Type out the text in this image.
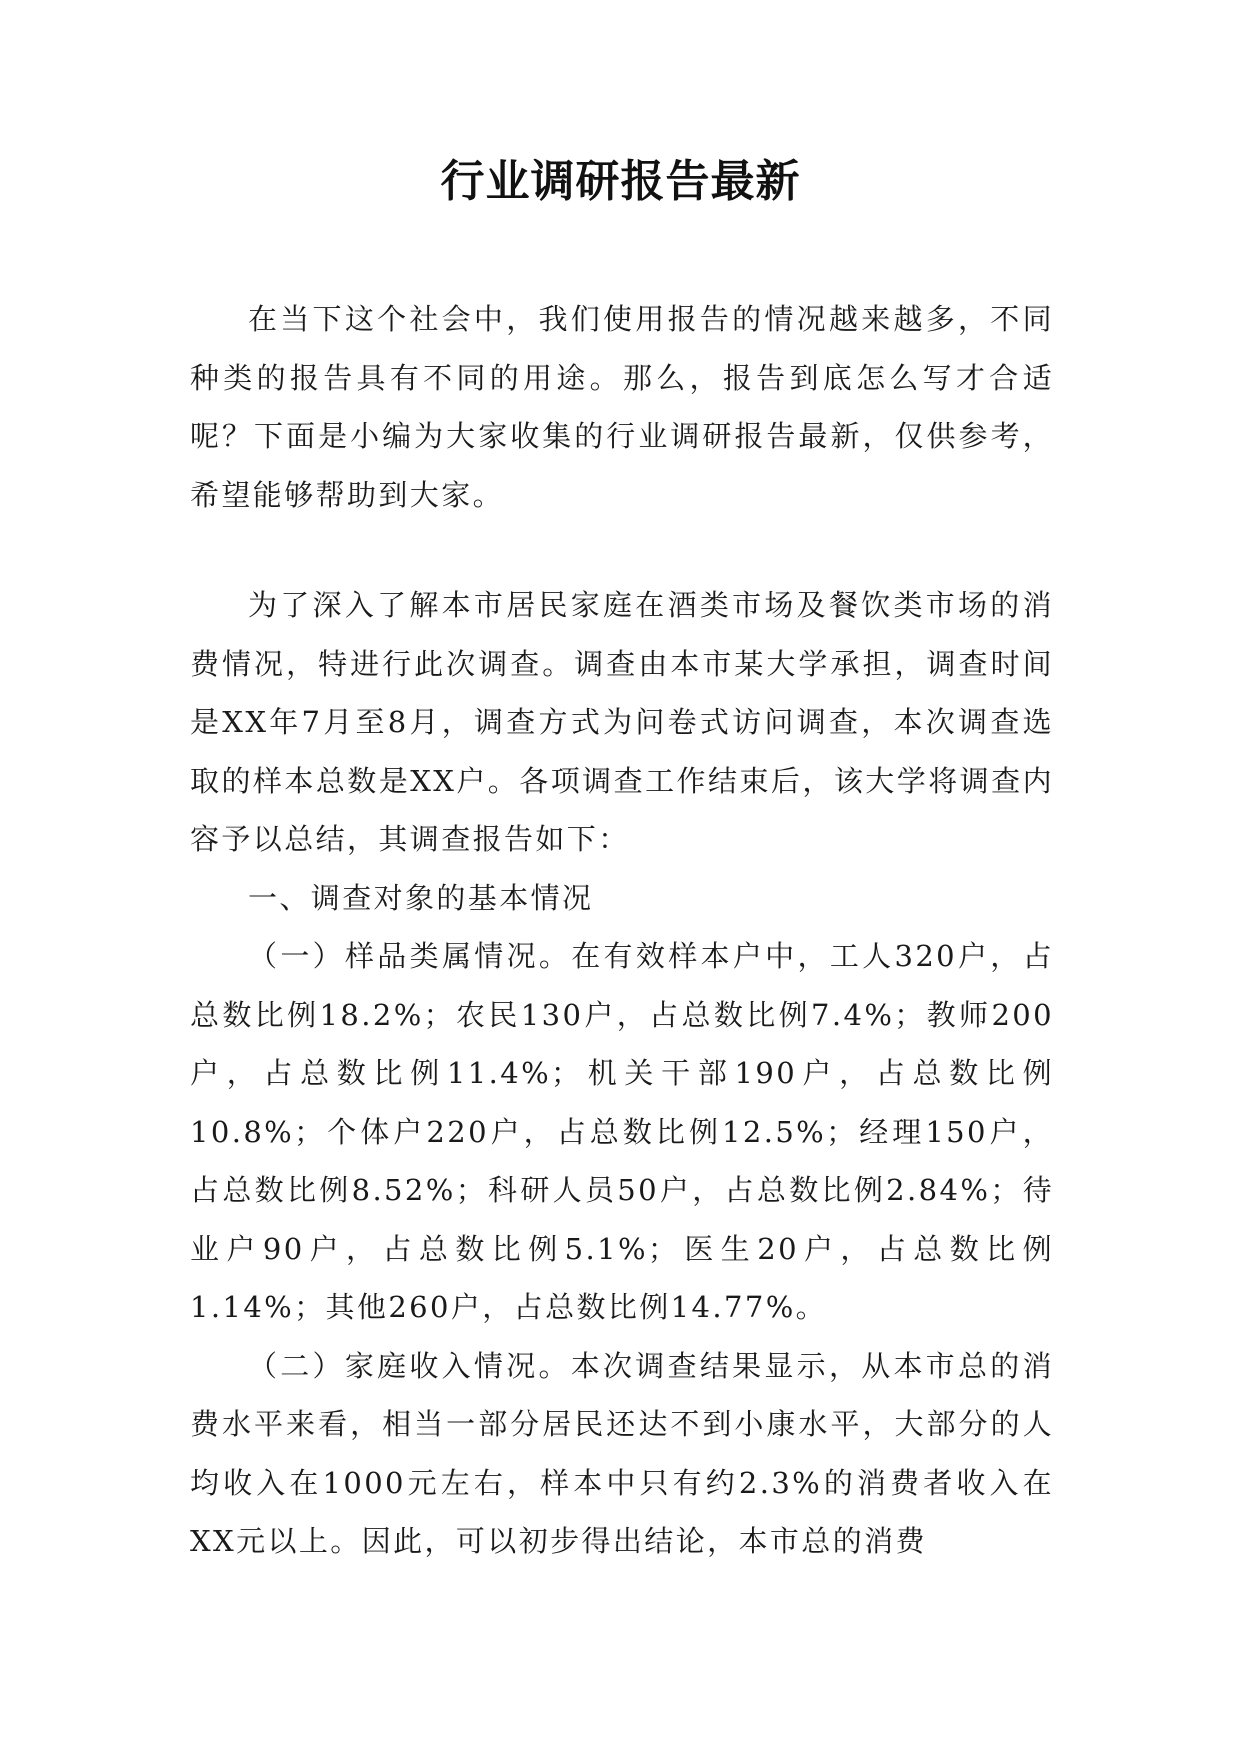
行业调研报告最新

在当下这个社会中，我们使用报告的情况越来越多，不同种类的报告具有不同的用途。那么，报告到底怎么写才合适呢？下面是小编为大家收集的行业调研报告最新，仅供参考，希望能够帮助到大家。

为了深入了解本市居民家庭在酒类市场及餐饮类市场的消费情况，特进行此次调查。调查由本市某大学承担，调查时间是XX年7月至8月，调查方式为问卷式访问调查，本次调查选取的样本总数是XX户。各项调查工作结束后，该大学将调查内容予以总结，其调查报告如下：

一、调查对象的基本情况

（一）样品类属情况。在有效样本户中，工人320户，占总数比例18.2%；农民130户，占总数比例7.4%；教师200户，占总数比例11.4%；机关干部190户，占总数比例10.8%；个体户220户，占总数比例12.5%；经理150户，占总数比例8.52%；科研人员50户，占总数比例2.84%；待业户90户，占总数比例5.1%；医生20户，占总数比例1.14%；其他260户，占总数比例14.77%。

（二）家庭收入情况。本次调查结果显示，从本市总的消费水平来看，相当一部分居民还达不到小康水平，大部分的人均收入在1000元左右，样本中只有约2.3%的消费者收入在XX元以上。因此，可以初步得出结论，本市总的消费
